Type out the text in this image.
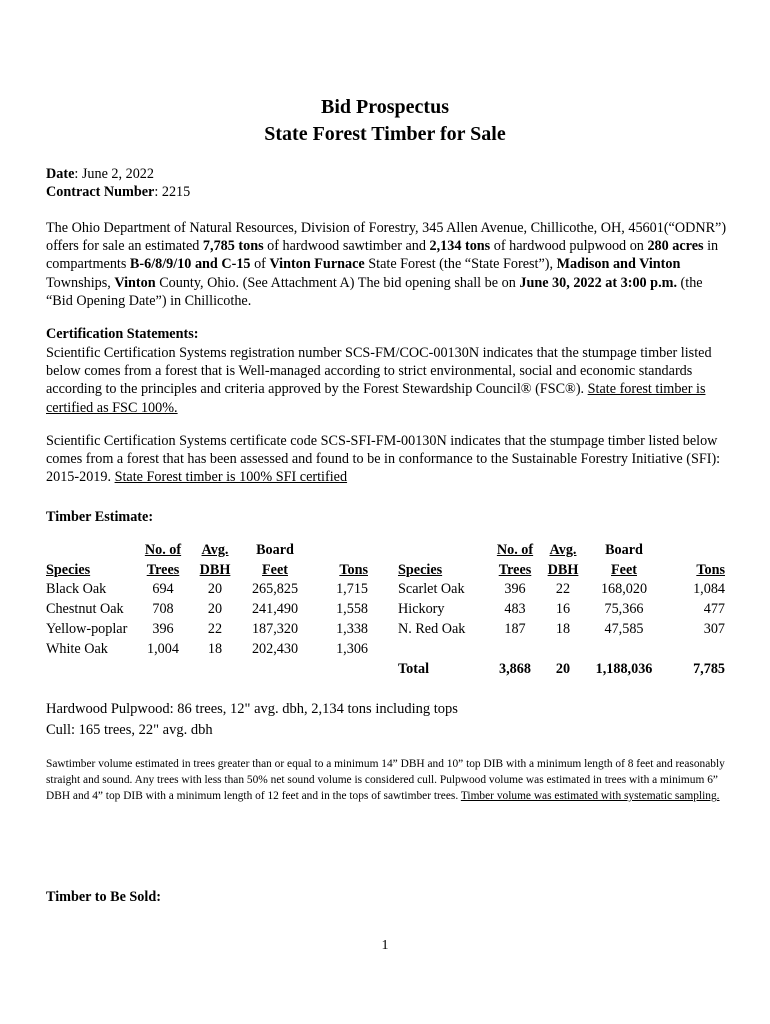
Bid Prospectus
State Forest Timber for Sale
Date: June 2, 2022
Contract Number: 2215
The Ohio Department of Natural Resources, Division of Forestry, 345 Allen Avenue, Chillicothe, OH, 45601(“ODNR”) offers for sale an estimated 7,785 tons of hardwood sawtimber and 2,134 tons of hardwood pulpwood on 280 acres in compartments B-6/8/9/10 and C-15 of Vinton Furnace State Forest (the “State Forest”), Madison and Vinton Townships, Vinton County, Ohio. (See Attachment A) The bid opening shall be on June 30, 2022 at 3:00 p.m. (the “Bid Opening Date”) in Chillicothe.
Certification Statements:
Scientific Certification Systems registration number SCS-FM/COC-00130N indicates that the stumpage timber listed below comes from a forest that is Well-managed according to strict environmental, social and economic standards according to the principles and criteria approved by the Forest Stewardship Council® (FSC®). State forest timber is certified as FSC 100%.
Scientific Certification Systems certificate code SCS-SFI-FM-00130N indicates that the stumpage timber listed below comes from a forest that has been assessed and found to be in conformance to the Sustainable Forestry Initiative (SFI): 2015-2019. State Forest timber is 100% SFI certified
Timber Estimate:
Species	No. of	Avg.	Board	Tons
	Trees	DBH	Feet	
Black Oak	694	20	265,825	1,715
Chestnut Oak	708	20	241,490	1,558
Yellow-poplar	396	22	187,320	1,338
White Oak	1,004	18	202,430	1,306
Species	No. of	Avg.	Board	Tons
	Trees	DBH	Feet	
Scarlet Oak	396	22	168,020	1,084
Hickory	483	16	75,366	477
N. Red Oak	187	18	47,585	307

Total	3,868	20	1,188,036	7,785
Hardwood Pulpwood: 86 trees, 12" avg. dbh, 2,134 tons including tops
Cull: 165 trees, 22" avg. dbh
Sawtimber volume estimated in trees greater than or equal to a minimum 14” DBH and 10” top DIB with a minimum length of 8 feet and reasonably straight and sound. Any trees with less than 50% net sound volume is considered cull. Pulpwood volume was estimated in trees with a minimum 6” DBH and 4” top DIB with a minimum length of 12 feet and in the tops of sawtimber trees. Timber volume was estimated with systematic sampling.
Timber to Be Sold:
1
